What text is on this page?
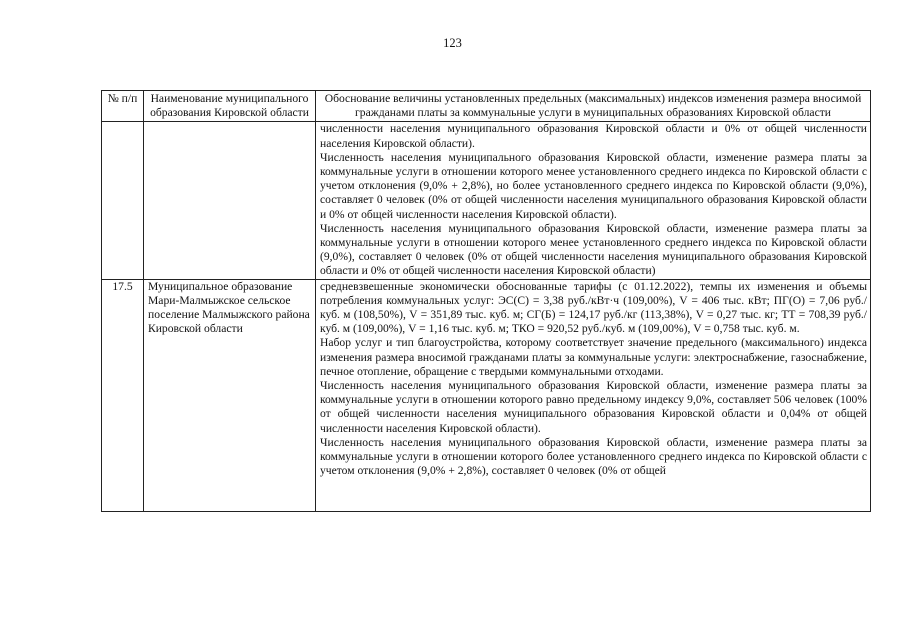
123
№ п/п	Наименование муниципального образования Кировской области	Обоснование величины установленных предельных (максимальных) индексов изменения размера вносимой гражданами платы за коммунальные услуги в муниципальных образованиях Кировской области

		численности населения муниципального образования Кировской области и 0% от общей численности населения Кировской области).
Численность населения муниципального образования Кировской области, изменение размера платы за коммунальные услуги в отношении которого менее установленного среднего индекса по Кировской области с учетом отклонения (9,0% + 2,8%), но более установленного среднего индекса по Кировской области (9,0%), составляет 0 человек (0% от общей численности населения муниципального образования Кировской области и 0% от общей численности населения Кировской области).
Численность населения муниципального образования Кировской области, изменение размера платы за коммунальные услуги в отношении которого менее установленного среднего индекса по Кировской области (9,0%), составляет 0 человек (0% от общей численности населения муниципального образования Кировской области и 0% от общей численности населения Кировской области)

17.5	Муниципальное образование Мари-Малмыжское сельское поселение Малмыжского района Кировской области	средневзвешенные экономически обоснованные тарифы (с 01.12.2022), темпы их изменения и объемы потребления коммунальных услуг: ЭС(С) = 3,38 руб./кВт·ч (109,00%), V = 406 тыс. кВт; ПГ(О) = 7,06 руб./куб. м (108,50%), V = 351,89 тыс. куб. м; СГ(Б) = 124,17 руб./кг (113,38%), V = 0,27 тыс. кг; ТТ = 708,39 руб./куб. м (109,00%), V = 1,16 тыс. куб. м; ТКО = 920,52 руб./куб. м (109,00%), V = 0,758 тыс. куб. м.
Набор услуг и тип благоустройства, которому соответствует значение предельного (максимального) индекса изменения размера вносимой гражданами платы за коммунальные услуги: электроснабжение, газоснабжение, печное отопление, обращение с твердыми коммунальными отходами.
Численность населения муниципального образования Кировской области, изменение размера платы за коммунальные услуги в отношении которого равно предельному индексу 9,0%, составляет 506 человек (100% от общей численности населения муниципального образования Кировской области и 0,04% от общей численности населения Кировской области).
Численность населения муниципального образования Кировской области, изменение размера платы за коммунальные услуги в отношении которого более установленного среднего индекса по Кировской области с учетом отклонения (9,0% + 2,8%), составляет 0 человек (0% от общей
